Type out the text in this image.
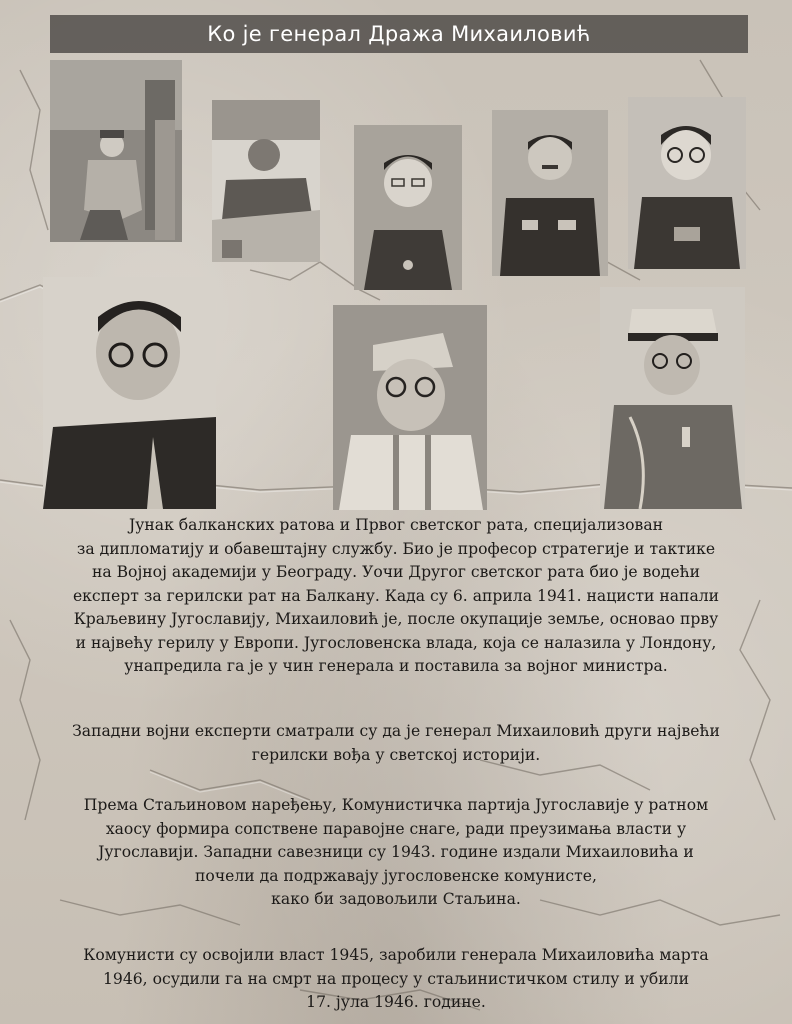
Ко је генерал Дража Михаиловић
Јунак балканских ратова и Првог светског рата, специјализован
за дипломатију и обавештајну службу. Био је професор стратегије и тактике
на Војној академији у Београду. Уочи Другог светског рата био је водећи
експерт за герилски рат на Балкану. Када су 6. априла 1941. нацисти напали
Краљевину Југославију, Михаиловић је, после окупације земље, основао прву
и највећу герилу у Европи. Југословенска влада, која се налазила у Лондону,
унапредила га је у чин генерала и поставила за војног министра.
Западни војни експерти сматрали су да је генерал Михаиловић други највећи
герилски вођа у светској историји.
Према Стаљиновом наређењу, Комунистичка партија Југославије у ратном
хаосу формира сопствене паравојне снаге, ради преузимања власти у
Југославији. Западни савезници су 1943. године издали Михаиловића и
почели да подржавају југословенске комунисте,
како би задовољили Стаљина.
Комунисти су освојили власт 1945, заробили генерала Михаиловића марта
1946, осудили га на смрт на процесу у стаљинистичком стилу и убили
17. јула 1946. године.
